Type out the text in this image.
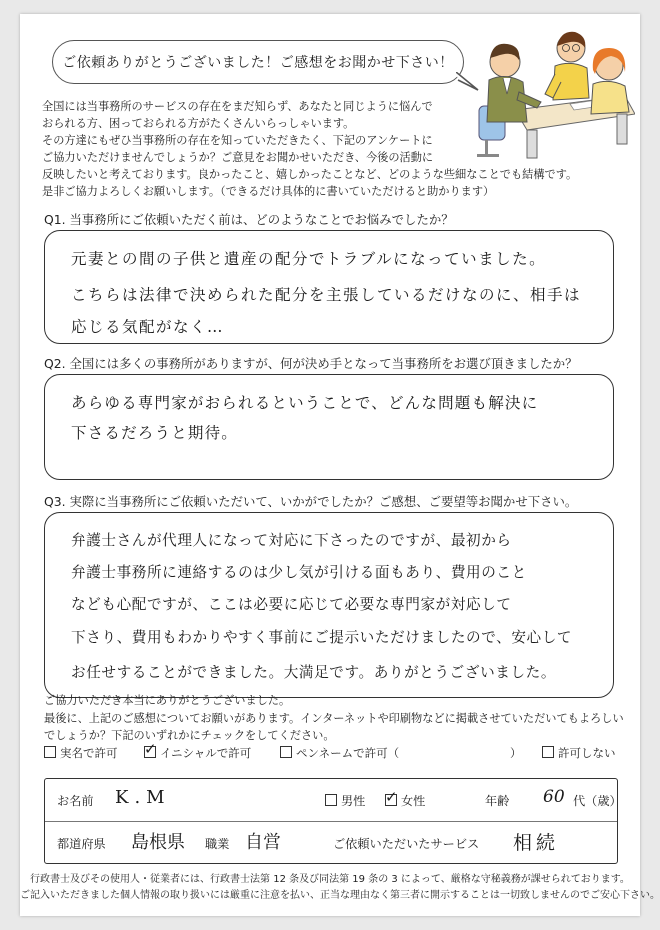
ご依頼ありがとうございました！ご感想をお聞かせ下さい！
全国には当事務所のサービスの存在をまだ知らず、あなたと同じように悩んで
おられる方、困っておられる方がたくさんいらっしゃいます。
その方達にもぜひ当事務所の存在を知っていただきたく、下記のアンケートに
ご協力いただけませんでしょうか？ご意見をお聞かせいただき、今後の活動に
反映したいと考えております。良かったこと、嬉しかったことなど、どのような些細なことでも結構です。
是非ご協力よろしくお願いします。（できるだけ具体的に書いていただけると助かります）
Q1. 当事務所にご依頼いただく前は、どのようなことでお悩みでしたか？
元妻との間の子供と遺産の配分でトラブルになっていました。
こちらは法律で決められた配分を主張しているだけなのに、相手は
応じる気配がなく…
Q2. 全国には多くの事務所がありますが、何が決め手となって当事務所をお選び頂きましたか？
あらゆる専門家がおられるということで、どんな問題も解決に
下さるだろうと期待。
Q3. 実際に当事務所にご依頼いただいて、いかがでしたか？ご感想、ご要望等お聞かせ下さい。
弁護士さんが代理人になって対応に下さったのですが、最初から
弁護士事務所に連絡するのは少し気が引ける面もあり、費用のこと
なども心配ですが、ここは必要に応じて必要な専門家が対応して
下さり、費用もわかりやすく事前にご提示いただけましたので、安心して
お任せすることができました。大満足です。ありがとうございました。
ご協力いただき本当にありがとうございました。
最後に、上記のご感想についてお願いがあります。インターネットや印刷物などに掲載させていただいてもよろしい
でしょうか？下記のいずれかにチェックをしてください。
実名で許可 ✓ イニシャルで許可	ペンネームで許可（	）	許可しない
お名前 K.M	男性 ✓ 女性	年齢 60 代（歳）
都道府県 島根県 職業 自営	ご依頼いただいたサービス 相続
行政書士及びその使用人・従業者には、行政書士法第 12 条及び同法第 19 条の 3 によって、厳格な守秘義務が課せられております。
ご記入いただきました個人情報の取り扱いには厳重に注意を払い、正当な理由なく第三者に開示することは一切致しませんのでご安心下さい。
